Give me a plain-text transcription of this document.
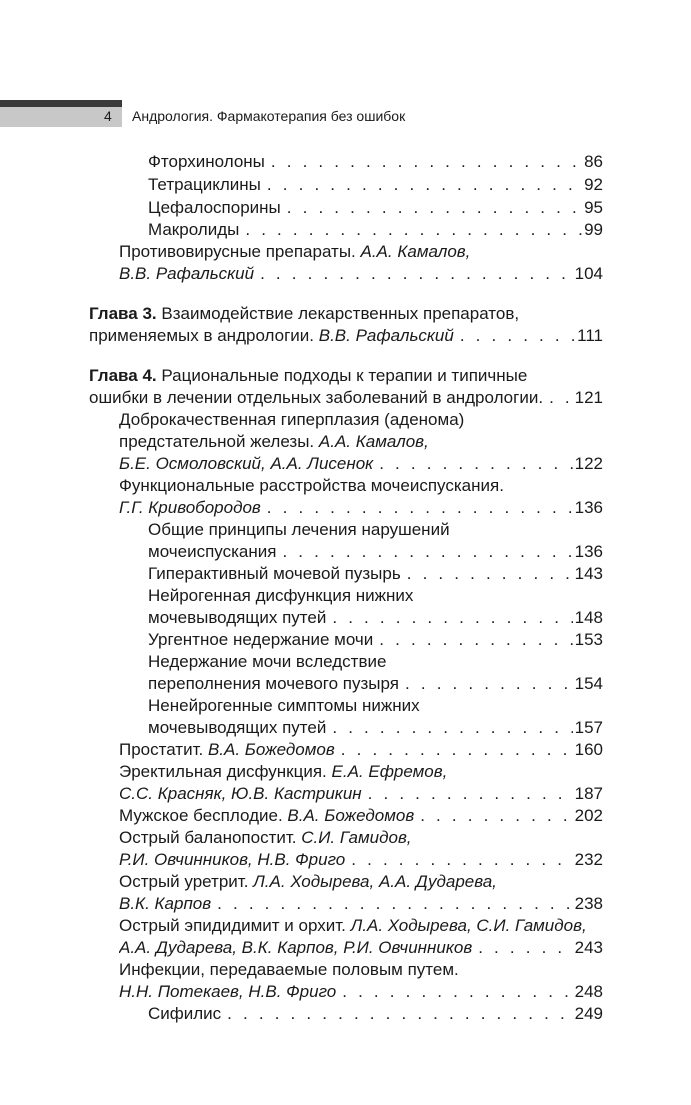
4 Андрология. Фармакотерапия без ошибок
Фторхинолоны . . .	86
Тетрациклины . . .	92
Цефалоспорины . . .	95
Макролиды . . .	99
Противовирусные препараты.
А.А. Камалов,
В.В. Рафальский . . .	104
Глава 3.
Взаимодействие лекарственных препаратов,
применяемых в андрологии.
В.В. Рафальский . . .	111
Глава 4.
Рациональные подходы к терапии и типичные
ошибки в лечении отдельных заболеваний в андрологии. . . . 121
Доброкачественная гиперплазия (аденома)
предстательной железы.
А.А. Камалов,
Б.Е. Осмоловский, А.А. Лисенок . . .	122
Функциональные расстройства мочеиспускания.
Г.Г. Кривобородов . . .	136
Общие принципы лечения нарушений
мочеиспускания . . .	136
Гиперактивный мочевой пузырь . . .	143
Нейрогенная дисфункция нижних
мочевыводящих путей . . .	148
Ургентное недержание мочи . . .	153
Недержание мочи вследствие
переполнения мочевого пузыря . . .	154
Ненейрогенные симптомы нижних
мочевыводящих путей . . .	157
Простатит.
В.А. Божедомов . . .	160
Эректильная дисфункция.
Е.А. Ефремов,
С.С. Красняк, Ю.В. Кастрикин . . .	187
Мужское бесплодие.
В.А. Божедомов . . .	202
Острый баланопостит.
С.И. Гамидов,
Р.И. Овчинников, Н.В. Фриго . . .	232
Острый уретрит.
Л.А. Ходырева, А.А. Дударева,
В.К. Карпов . . .	238
Острый эпидидимит и орхит.
Л.А. Ходырева, С.И. Гамидов,
А.А. Дударева, В.К. Карпов, Р.И. Овчинников . . .	243
Инфекции, передаваемые половым путем.
Н.Н. Потекаев, Н.В. Фриго . . .	248
Сифилис . . .	249
